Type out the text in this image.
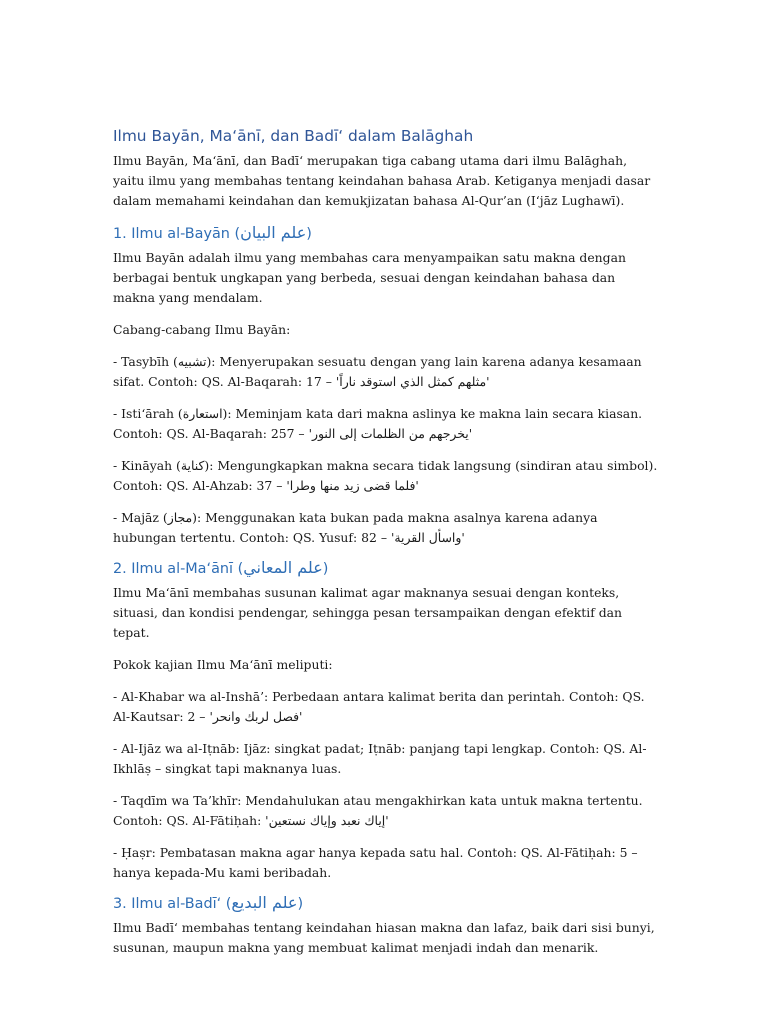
Ilmu Bayān, Ma‘ānī, dan Badī‘ dalam Balāghah

Ilmu Bayān, Ma‘ānī, dan Badī‘ merupakan tiga cabang utama dari ilmu Balāghah, yaitu ilmu yang membahas tentang keindahan bahasa Arab. Ketiganya menjadi dasar dalam memahami keindahan dan kemukjizatan bahasa Al-Qur’an (I‘jāz Lughawī).

1. Ilmu al-Bayān (علم البيان)

Ilmu Bayān adalah ilmu yang membahas cara menyampaikan satu makna dengan berbagai bentuk ungkapan yang berbeda, sesuai dengan keindahan bahasa dan makna yang mendalam.

Cabang-cabang Ilmu Bayān:

- Tasybīh (تشبيه): Menyerupakan sesuatu dengan yang lain karena adanya kesamaan sifat. Contoh: QS. Al-Baqarah: 17 – 'مثلهم كمثل الذي استوقد ناراً'

- Isti‘ārah (استعارة): Meminjam kata dari makna aslinya ke makna lain secara kiasan. Contoh: QS. Al-Baqarah: 257 – 'يخرجهم من الظلمات إلى النور'

- Kināyah (كناية): Mengungkapkan makna secara tidak langsung (sindiran atau simbol). Contoh: QS. Al-Ahzab: 37 – 'فلما قضى زيد منها وطرا'

- Majāz (مجاز): Menggunakan kata bukan pada makna asalnya karena adanya hubungan tertentu. Contoh: QS. Yusuf: 82 – 'واسأل القرية'

2. Ilmu al-Ma‘ānī (علم المعاني)

Ilmu Ma‘ānī membahas susunan kalimat agar maknanya sesuai dengan konteks, situasi, dan kondisi pendengar, sehingga pesan tersampaikan dengan efektif dan tepat.

Pokok kajian Ilmu Ma‘ānī meliputi:

- Al-Khabar wa al-Inshā’: Perbedaan antara kalimat berita dan perintah. Contoh: QS. Al-Kautsar: 2 – 'فصل لربك وانحر'

- Al-Ijāz wa al-Iṭnāb: Ijāz: singkat padat; Iṭnāb: panjang tapi lengkap. Contoh: QS. Al-Ikhlāṣ – singkat tapi maknanya luas.

- Taqdīm wa Ta’khīr: Mendahulukan atau mengakhirkan kata untuk makna tertentu. Contoh: QS. Al-Fātiḥah: 'إياك نعبد وإياك نستعين'

- Ḥaṣr: Pembatasan makna agar hanya kepada satu hal. Contoh: QS. Al-Fātiḥah: 5 – hanya kepada-Mu kami beribadah.

3. Ilmu al-Badī‘ (علم البديع)

Ilmu Badī‘ membahas tentang keindahan hiasan makna dan lafaz, baik dari sisi bunyi, susunan, maupun makna yang membuat kalimat menjadi indah dan menarik.
